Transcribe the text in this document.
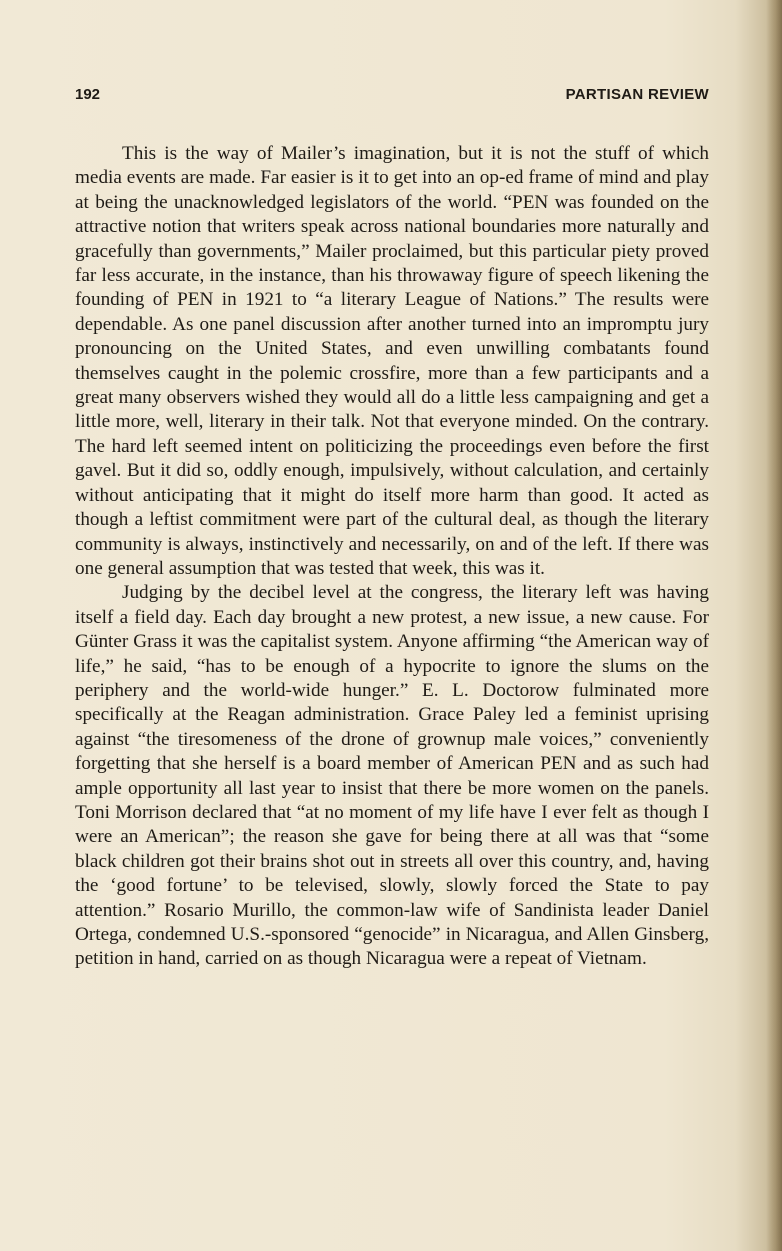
192	PARTISAN REVIEW

This is the way of Mailer’s imagination, but it is not the stuff of which media events are made. Far easier is it to get into an op-ed frame of mind and play at being the unacknowledged legislators of the world. “PEN was founded on the attractive notion that writers speak across national boundaries more naturally and gracefully than governments,” Mailer proclaimed, but this particular piety proved far less accurate, in the instance, than his throwaway figure of speech likening the founding of PEN in 1921 to “a literary League of Nations.” The results were dependable. As one panel discussion after another turned into an impromptu jury pronouncing on the United States, and even unwilling combatants found themselves caught in the polemic crossfire, more than a few participants and a great many observers wished they would all do a little less campaigning and get a little more, well, literary in their talk. Not that everyone minded. On the contrary. The hard left seemed intent on politicizing the proceedings even before the first gavel. But it did so, oddly enough, impulsively, without calculation, and certainly without anticipating that it might do itself more harm than good. It acted as though a leftist commitment were part of the cultural deal, as though the literary community is always, instinctively and necessarily, on and of the left. If there was one general assumption that was tested that week, this was it.

Judging by the decibel level at the congress, the literary left was having itself a field day. Each day brought a new protest, a new issue, a new cause. For Günter Grass it was the capitalist system. Anyone affirming “the American way of life,” he said, “has to be enough of a hypocrite to ignore the slums on the periphery and the world-wide hunger.” E. L. Doctorow fulminated more specifically at the Reagan administration. Grace Paley led a feminist uprising against “the tiresomeness of the drone of grownup male voices,” conveniently forgetting that she herself is a board member of American PEN and as such had ample opportunity all last year to insist that there be more women on the panels. Toni Morrison declared that “at no moment of my life have I ever felt as though I were an American”; the reason she gave for being there at all was that “some black children got their brains shot out in streets all over this country, and, having the ‘good fortune’ to be televised, slowly, slowly forced the State to pay attention.” Rosario Murillo, the common-law wife of Sandinista leader Daniel Ortega, condemned U.S.-sponsored “genocide” in Nicaragua, and Allen Ginsberg, petition in hand, carried on as though Nicaragua were a repeat of Vietnam.
